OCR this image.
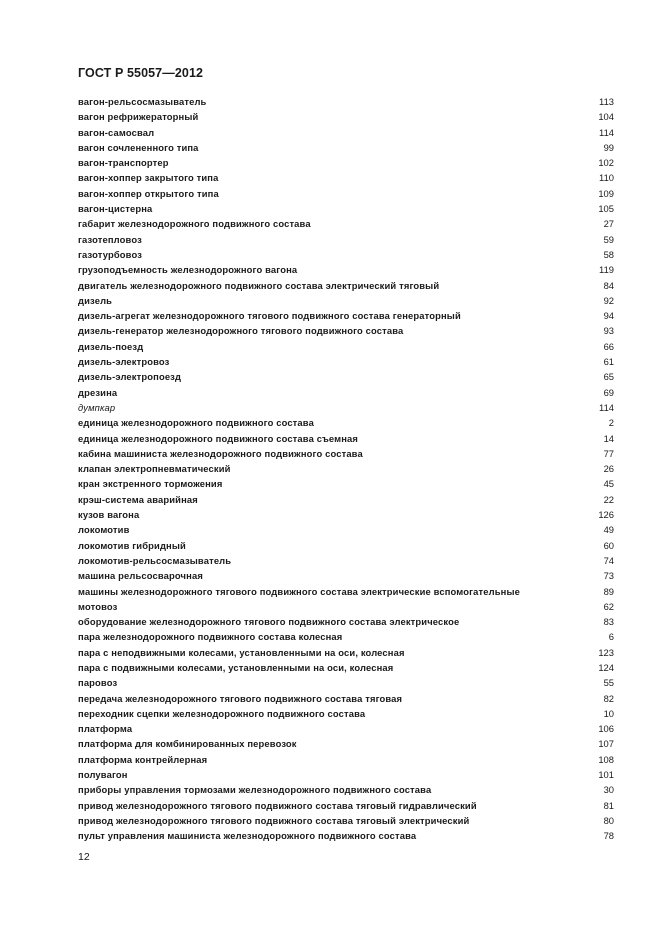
ГОСТ Р 55057—2012
вагон-рельсосмазыватель	113
вагон рефрижераторный	104
вагон-самосвал	114
вагон сочлененного типа	99
вагон-транспортер	102
вагон-хоппер закрытого типа	110
вагон-хоппер открытого типа	109
вагон-цистерна	105
габарит железнодорожного подвижного состава	27
газотепловоз	59
газотурбовоз	58
грузоподъемность железнодорожного вагона	119
двигатель железнодорожного подвижного состава электрический тяговый	84
дизель	92
дизель-агрегат железнодорожного тягового подвижного состава генераторный	94
дизель-генератор железнодорожного тягового подвижного состава	93
дизель-поезд	66
дизель-электровоз	61
дизель-электропоезд	65
дрезина	69
думпкар	114
единица железнодорожного подвижного состава	2
единица железнодорожного подвижного состава съемная	14
кабина машиниста железнодорожного подвижного состава	77
клапан электропневматический	26
кран экстренного торможения	45
крэш-система аварийная	22
кузов вагона	126
локомотив	49
локомотив гибридный	60
локомотив-рельсосмазыватель	74
машина рельсосварочная	73
машины железнодорожного тягового подвижного состава электрические вспомогательные	89
мотовоз	62
оборудование железнодорожного тягового подвижного состава электрическое	83
пара железнодорожного подвижного состава колесная	6
пара с неподвижными колесами, установленными на оси, колесная	123
пара с подвижными колесами, установленными на оси, колесная	124
паровоз	55
передача железнодорожного тягового подвижного состава тяговая	82
переходник сцепки железнодорожного подвижного состава	10
платформа	106
платформа для комбинированных перевозок	107
платформа контрейлерная	108
полувагон	101
приборы управления тормозами железнодорожного подвижного состава	30
привод железнодорожного тягового подвижного состава тяговый гидравлический	81
привод железнодорожного тягового подвижного состава тяговый электрический	80
пульт управления машиниста железнодорожного подвижного состава	78
12
